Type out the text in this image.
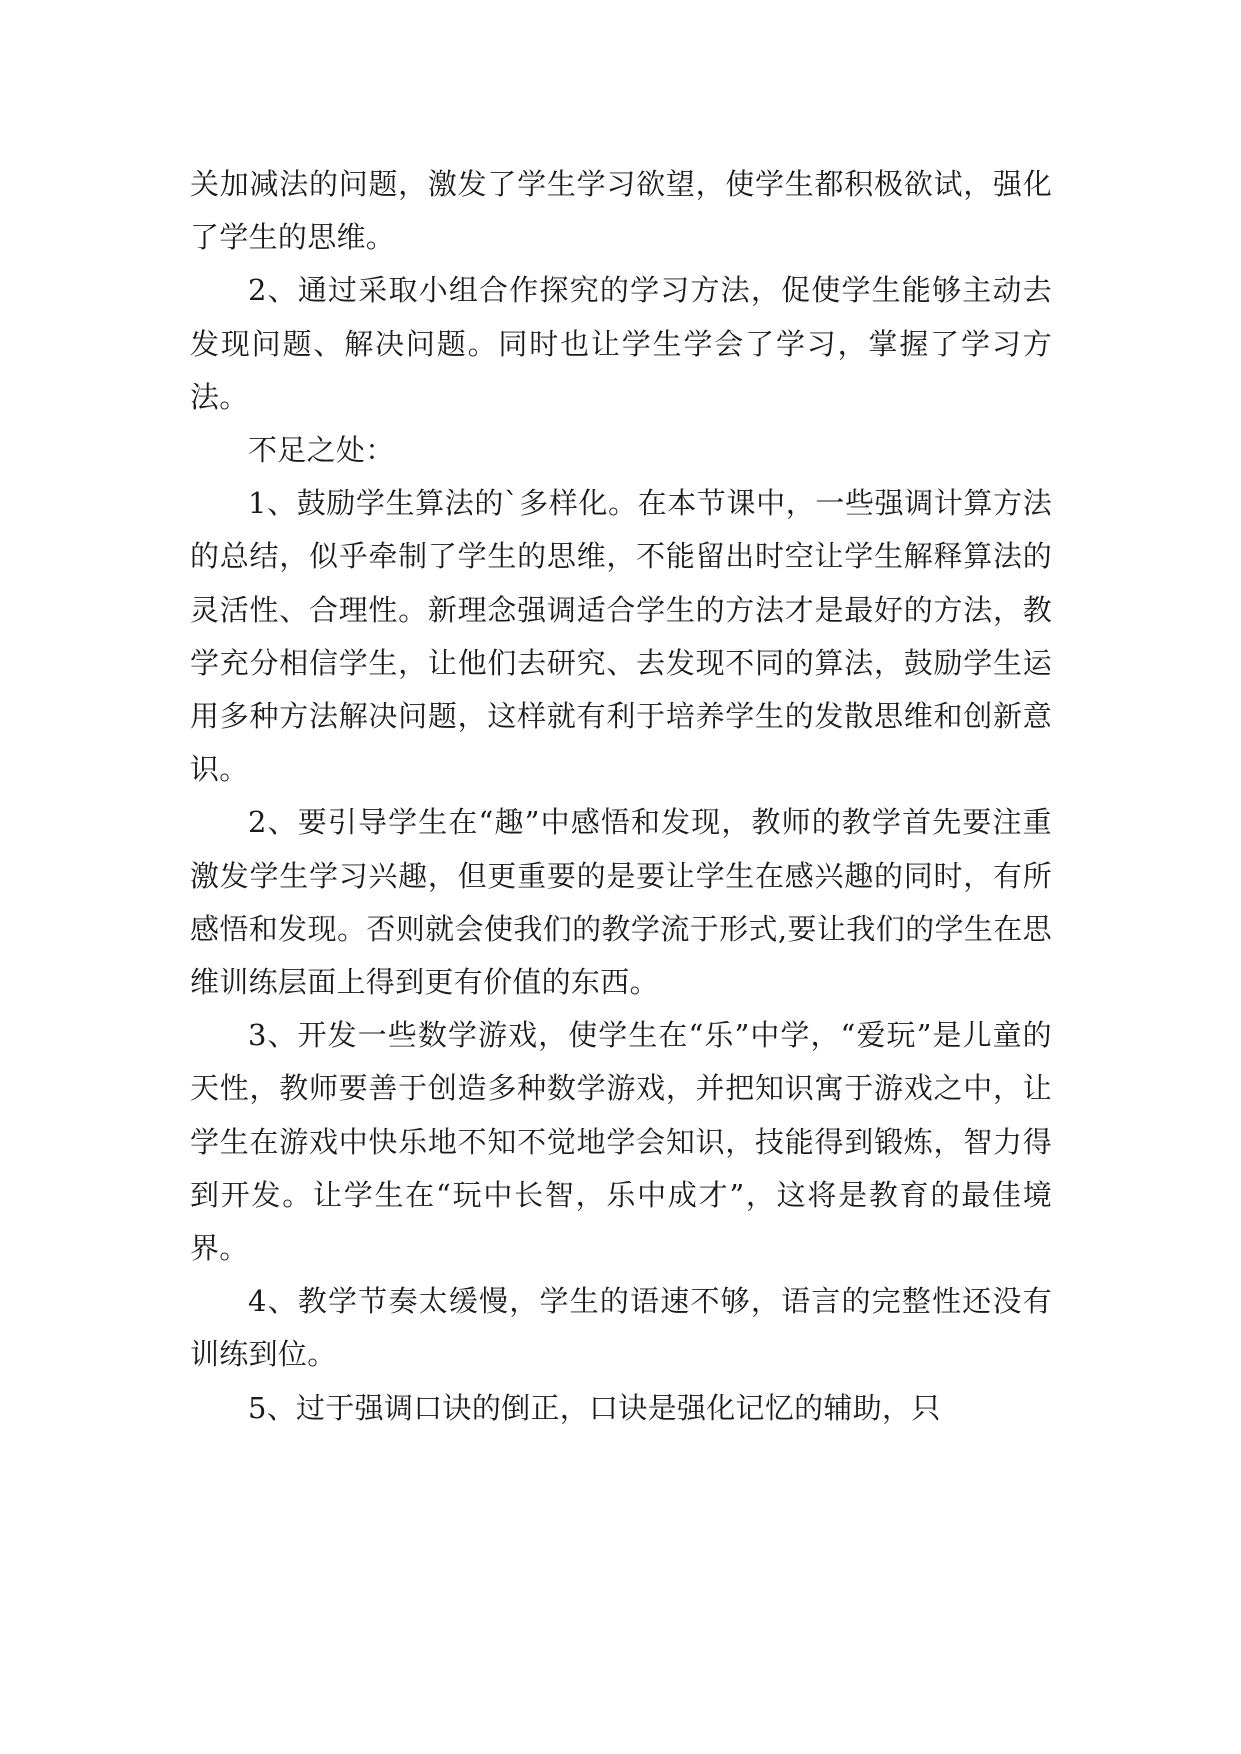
关加减法的问题，激发了学生学习欲望，使学生都积极欲试，强化了学生的思维。

2、通过采取小组合作探究的学习方法，促使学生能够主动去发现问题、解决问题。同时也让学生学会了学习，掌握了学习方法。

不足之处：

1、鼓励学生算法的`多样化。在本节课中，一些强调计算方法的总结，似乎牵制了学生的思维，不能留出时空让学生解释算法的灵活性、合理性。新理念强调适合学生的方法才是最好的方法，教学充分相信学生，让他们去研究、去发现不同的算法，鼓励学生运用多种方法解决问题，这样就有利于培养学生的发散思维和创新意识。

2、要引导学生在“趣”中感悟和发现，教师的教学首先要注重激发学生学习兴趣，但更重要的是要让学生在感兴趣的同时，有所感悟和发现。否则就会使我们的教学流于形式,要让我们的学生在思维训练层面上得到更有价值的东西。

3、开发一些数学游戏，使学生在“乐”中学，“爱玩”是儿童的天性，教师要善于创造多种数学游戏，并把知识寓于游戏之中，让学生在游戏中快乐地不知不觉地学会知识，技能得到锻炼，智力得到开发。让学生在“玩中长智，乐中成才”，这将是教育的最佳境界。

4、教学节奏太缓慢，学生的语速不够，语言的完整性还没有训练到位。

5、过于强调口诀的倒正，口诀是强化记忆的辅助，只
